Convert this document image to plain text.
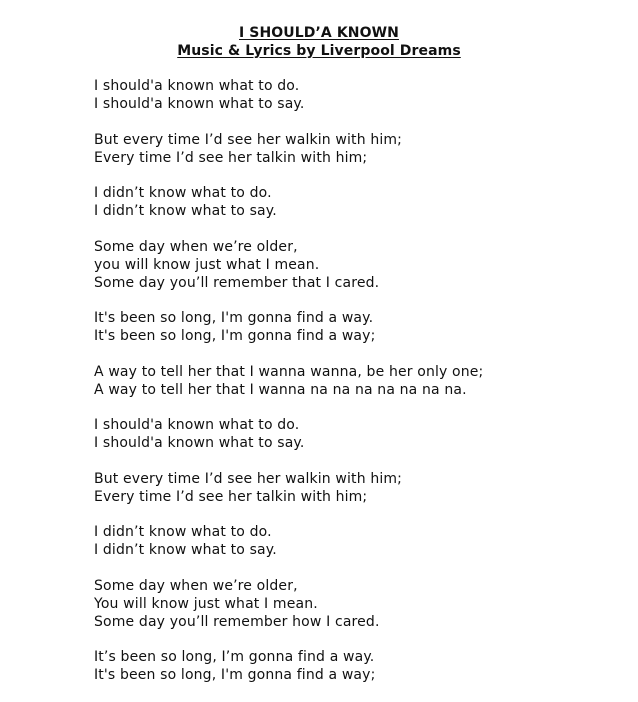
I SHOULD’A KNOWN
Music & Lyrics by Liverpool Dreams
I should'a known what to do.
I should'a known what to say.
But every time I’d see her walkin with him;
Every time I’d see her talkin with him;
I didn’t know what to do.
I didn’t know what to say.
Some day when we’re older,
you will know just what I mean.
Some day you’ll remember that I cared.
It's been so long, I'm gonna find a way.
It's been so long, I'm gonna find a way;
A way to tell her that I wanna wanna, be her only one;
A way to tell her that I wanna na na na na na na na.
I should'a known what to do.
I should'a known what to say.
But every time I’d see her walkin with him;
Every time I’d see her talkin with him;
I didn’t know what to do.
I didn’t know what to say.
Some day when we’re older,
You will know just what I mean.
Some day you’ll remember how I cared.
It’s been so long, I’m gonna find a way.
It's been so long, I'm gonna find a way;
